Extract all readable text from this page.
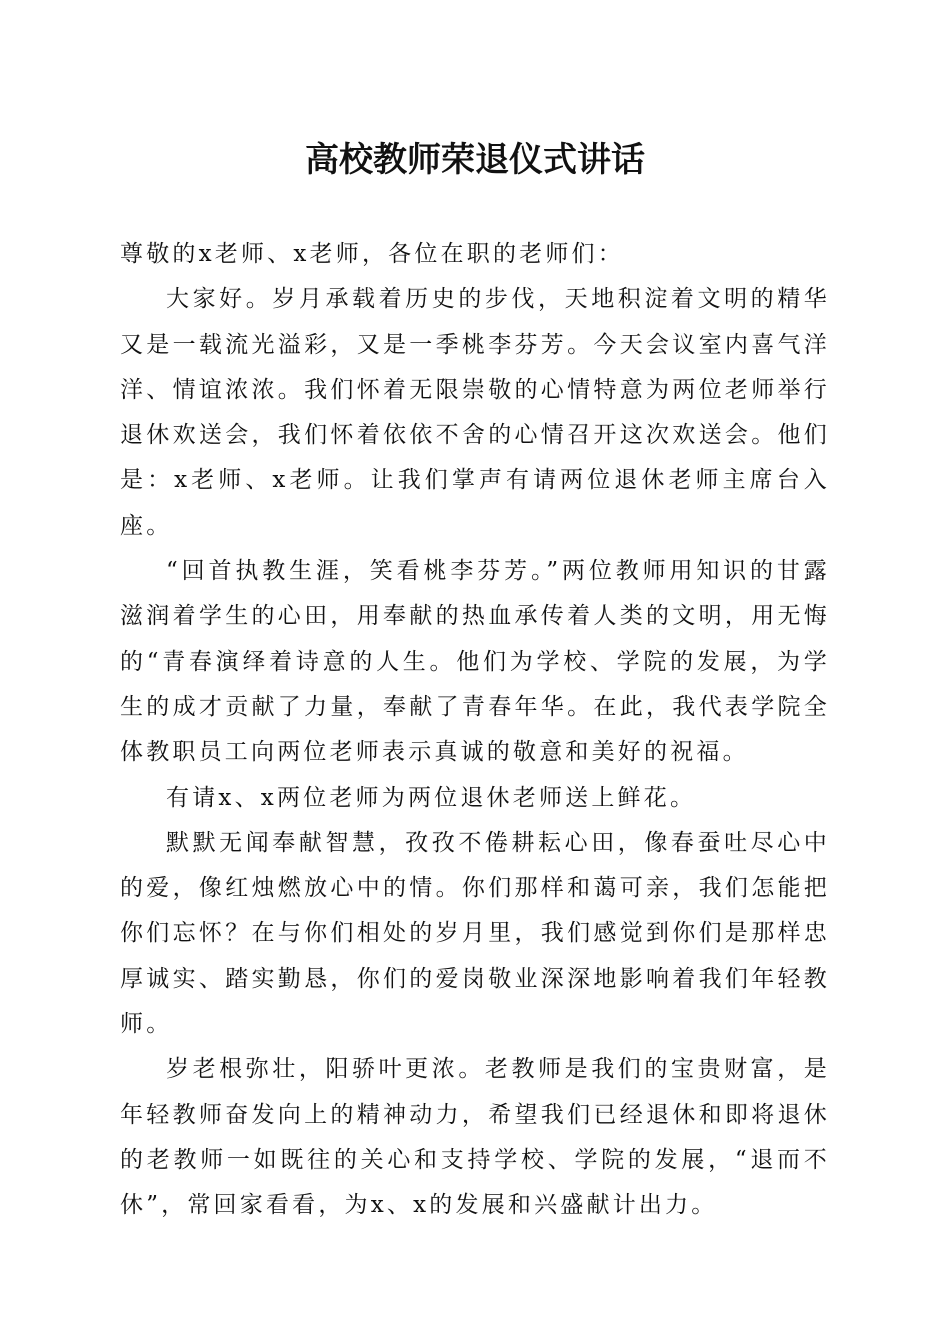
高校教师荣退仪式讲话

尊敬的x老师、x老师，各位在职的老师们：

大家好。岁月承载着历史的步伐，天地积淀着文明的精华又是一载流光溢彩，又是一季桃李芬芳。今天会议室内喜气洋洋、情谊浓浓。我们怀着无限崇敬的心情特意为两位老师举行退休欢送会，我们怀着依依不舍的心情召开这次欢送会。他们是：x老师、x老师。让我们掌声有请两位退休老师主席台入座。

“回首执教生涯，笑看桃李芬芳。”两位教师用知识的甘露滋润着学生的心田，用奉献的热血承传着人类的文明，用无悔的“青春演绎着诗意的人生。他们为学校、学院的发展，为学生的成才贡献了力量，奉献了青春年华。在此，我代表学院全体教职员工向两位老师表示真诚的敬意和美好的祝福。

有请x、x两位老师为两位退休老师送上鲜花。

默默无闻奉献智慧，孜孜不倦耕耘心田，像春蚕吐尽心中的爱，像红烛燃放心中的情。你们那样和蔼可亲，我们怎能把你们忘怀？在与你们相处的岁月里，我们感觉到你们是那样忠厚诚实、踏实勤恳，你们的爱岗敬业深深地影响着我们年轻教师。

岁老根弥壮，阳骄叶更浓。老教师是我们的宝贵财富，是年轻教师奋发向上的精神动力，希望我们已经退休和即将退休的老教师一如既往的关心和支持学校、学院的发展，“退而不休”，常回家看看，为x、x的发展和兴盛献计出力。
